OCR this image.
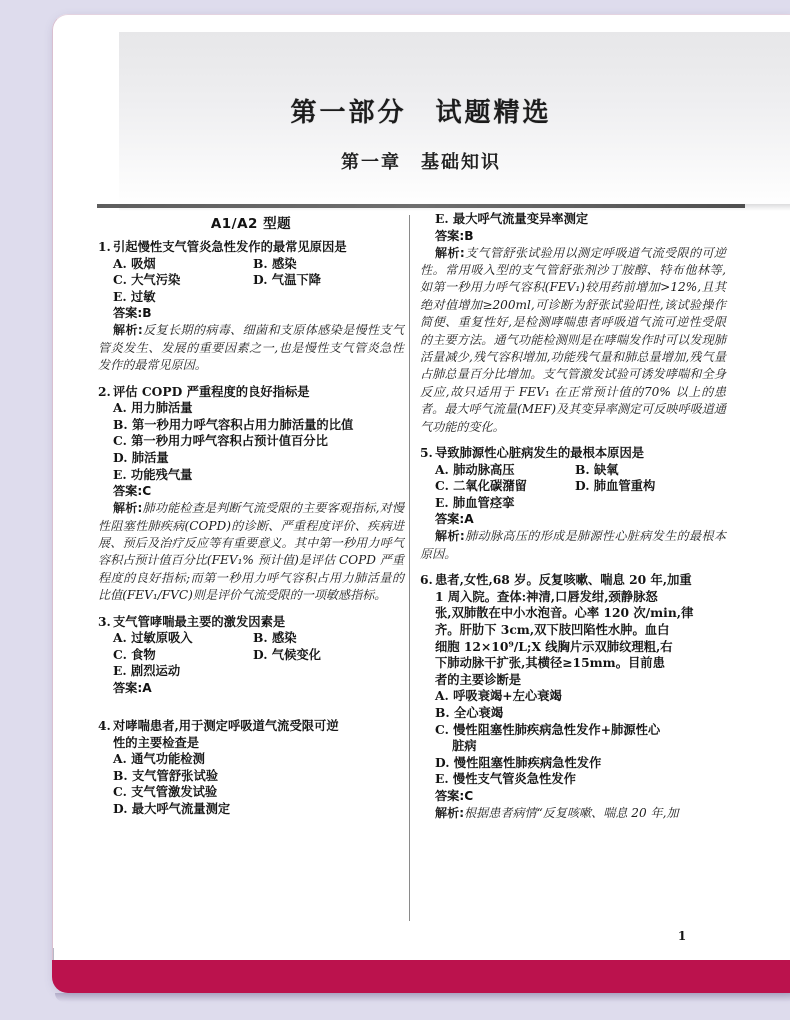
第一部分　试题精选
第一章　基础知识
A1/A2 型题
1. 引起慢性支气管炎急性发作的最常见原因是
A. 吸烟	B. 感染
C. 大气污染	D. 气温下降
E. 过敏
答案:B
解析:反复长期的病毒、细菌和支原体感染是慢性支气管炎发生、发展的重要因素之一,也是慢性支气管炎急性发作的最常见原因。
2. 评估 COPD 严重程度的良好指标是
A. 用力肺活量
B. 第一秒用力呼气容积占用力肺活量的比值
C. 第一秒用力呼气容积占预计值百分比
D. 肺活量
E. 功能残气量
答案:C
解析:肺功能检查是判断气流受限的主要客观指标,对慢性阻塞性肺疾病(COPD)的诊断、严重程度评价、疾病进展、预后及治疗反应等有重要意义。其中第一秒用力呼气容积占预计值百分比(FEV₁% 预计值)是评估 COPD 严重程度的良好指标;而第一秒用力呼气容积占用力肺活量的比值(FEV₁/FVC)则是评价气流受限的一项敏感指标。
3. 支气管哮喘最主要的激发因素是
A. 过敏原吸入	B. 感染
C. 食物	D. 气候变化
E. 剧烈运动
答案:A
4. 对哮喘患者,用于测定呼吸道气流受限可逆
性的主要检查是
A. 通气功能检测
B. 支气管舒张试验
C. 支气管激发试验
D. 最大呼气流量测定
E. 最大呼气流量变异率测定
答案:B
解析:支气管舒张试验用以测定呼吸道气流受限的可逆性。常用吸入型的支气管舒张剂沙丁胺醇、特布他林等,如第一秒用力呼气容积(FEV₁)较用药前增加>12%,且其绝对值增加≥200ml,可诊断为舒张试验阳性,该试验操作简便、重复性好,是检测哮喘患者呼吸道气流可逆性受限的主要方法。通气功能检测则是在哮喘发作时可以发现肺活量减少,残气容积增加,功能残气量和肺总量增加,残气量占肺总量百分比增加。支气管激发试验可诱发哮喘和全身反应,故只适用于 FEV₁ 在正常预计值的70% 以上的患者。最大呼气流量(MEF)及其变异率测定可反映呼吸道通气功能的变化。
5. 导致肺源性心脏病发生的最根本原因是
A. 肺动脉高压	B. 缺氧
C. 二氧化碳潴留	D. 肺血管重构
E. 肺血管痉挛
答案:A
解析:肺动脉高压的形成是肺源性心脏病发生的最根本原因。
6. 患者,女性,68 岁。反复咳嗽、喘息 20 年,加重
1 周入院。查体:神清,口唇发绀,颈静脉怒
张,双肺散在中小水泡音。心率 120 次/min,律
齐。肝肋下 3cm,双下肢凹陷性水肿。血白
细胞 12×10⁹/L;X 线胸片示双肺纹理粗,右
下肺动脉干扩张,其横径≥15mm。目前患
者的主要诊断是
A. 呼吸衰竭+左心衰竭
B. 全心衰竭
C. 慢性阻塞性肺疾病急性发作+肺源性心
脏病
D. 慢性阻塞性肺疾病急性发作
E. 慢性支气管炎急性发作
答案:C
解析:根据患者病情“反复咳嗽、喘息 20 年,加
1
